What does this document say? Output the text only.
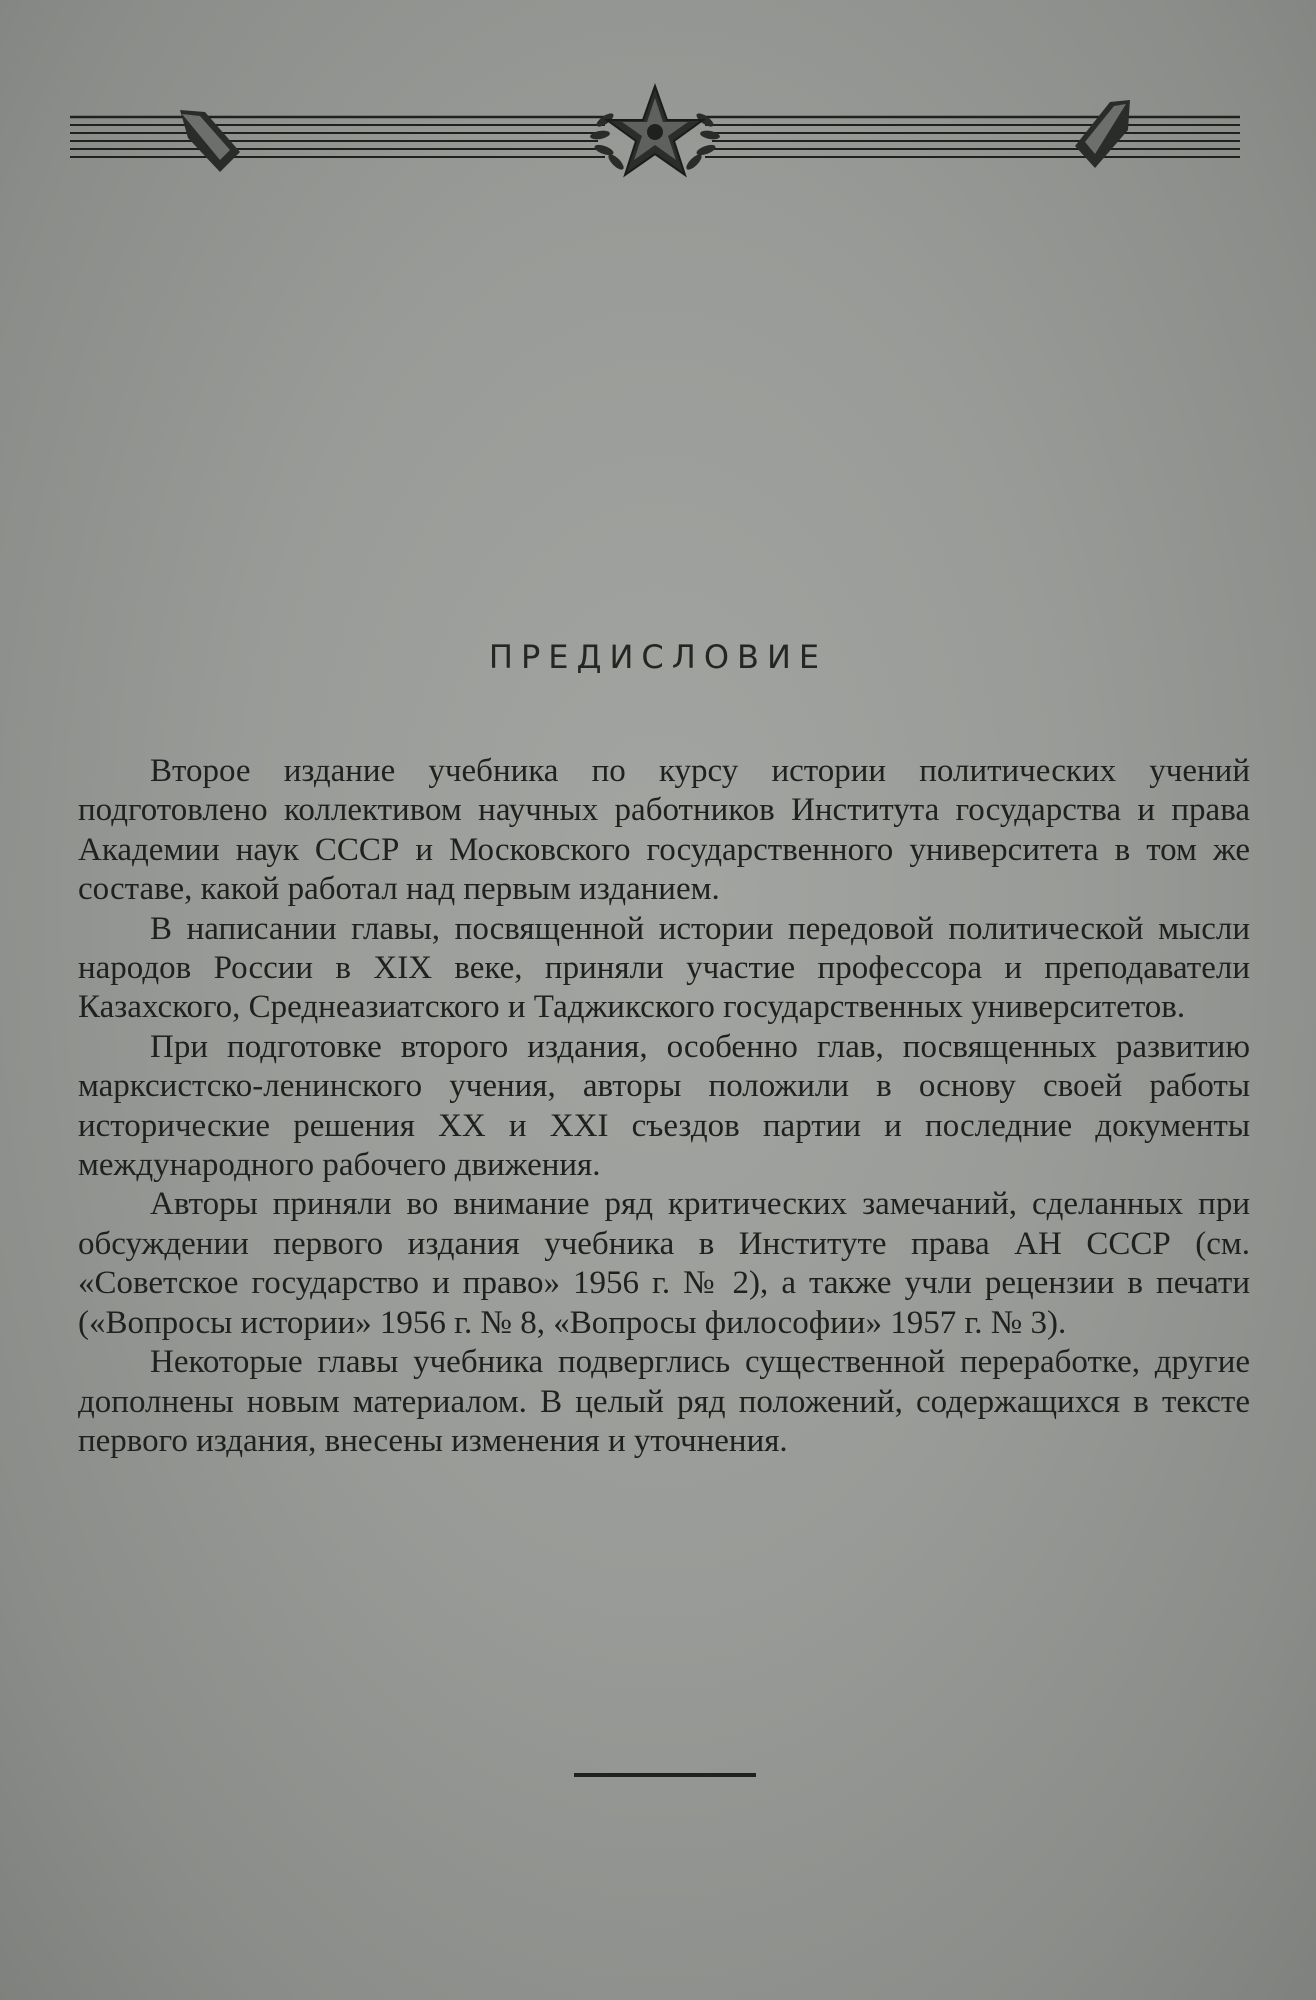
ПРЕДИСЛОВИЕ

Второе издание учебника по курсу истории политических учений подготовлено коллективом научных работников Института государства и права Академии наук СССР и Московского государственного университета в том же составе, какой работал над первым изданием.

В написании главы, посвященной истории передовой политической мысли народов России в XIX веке, приняли участие профессора и преподаватели Казахского, Среднеазиатского и Таджикского государственных университетов.

При подготовке второго издания, особенно глав, посвященных развитию марксистско-ленинского учения, авторы положили в основу своей работы исторические решения XX и XXI съездов партии и последние документы международного рабочего движения.

Авторы приняли во внимание ряд критических замечаний, сделанных при обсуждении первого издания учебника в Институте права АН СССР (см. «Советское государство и право» 1956 г. № 2), а также учли рецензии в печати («Вопросы истории» 1956 г. № 8, «Вопросы философии» 1957 г. № 3).

Некоторые главы учебника подверглись существенной переработке, другие дополнены новым материалом. В целый ряд положений, содержащихся в тексте первого издания, внесены изменения и уточнения.
